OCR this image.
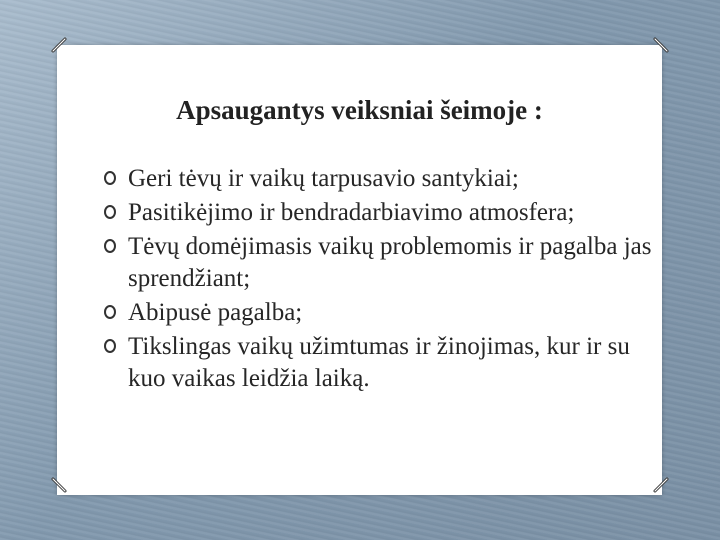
Apsaugantys veiksniai šeimoje :
Geri tėvų ir vaikų tarpusavio santykiai;
Pasitikėjimo ir bendradarbiavimo atmosfera;
Tėvų domėjimasis vaikų problemomis ir pagalba jas sprendžiant;
Abipusė pagalba;
Tikslingas vaikų užimtumas ir žinojimas, kur ir su kuo vaikas leidžia laiką.
